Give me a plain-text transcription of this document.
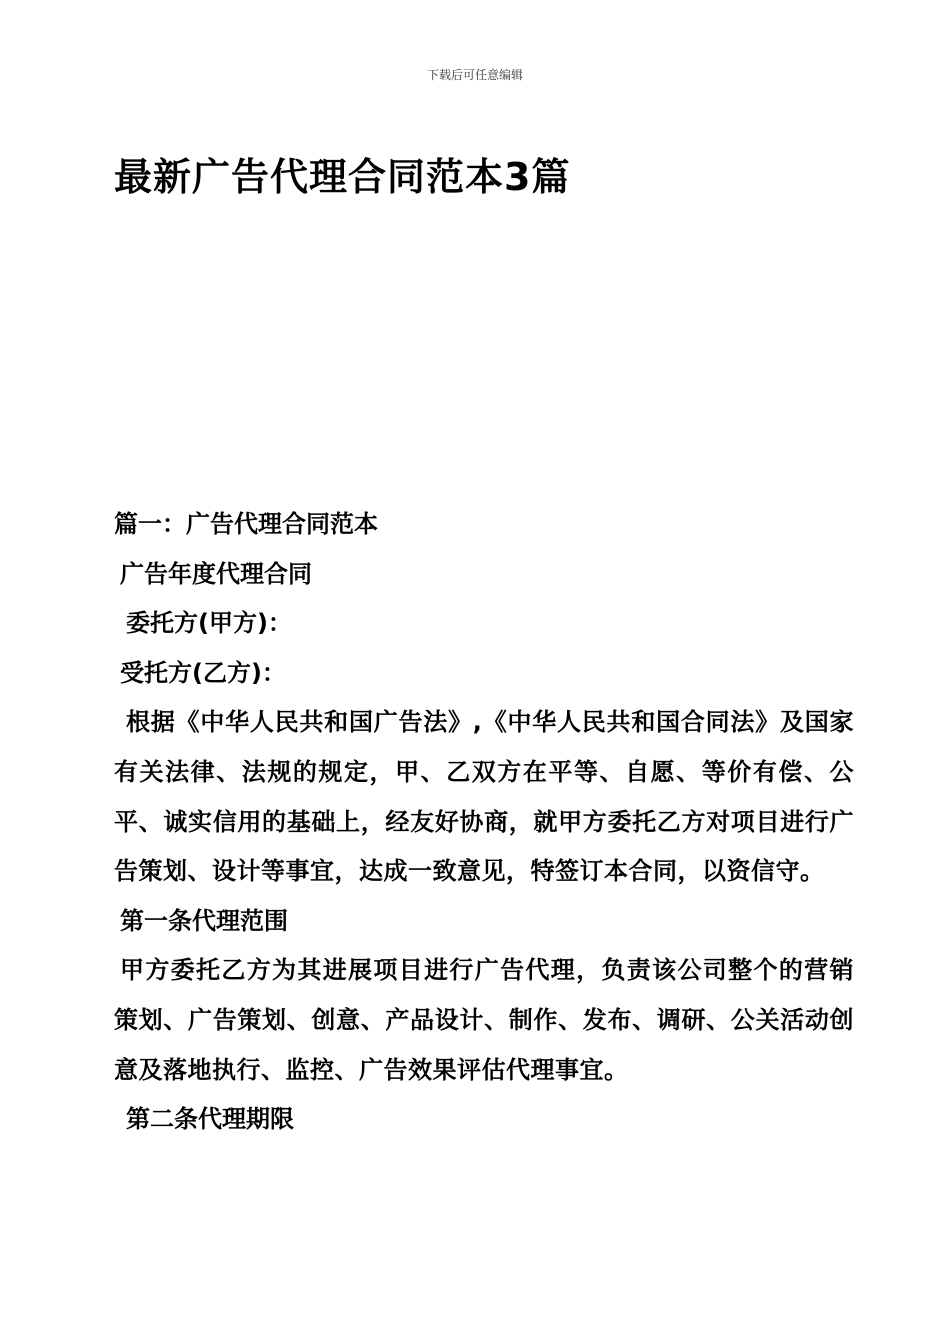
下载后可任意编辑
最新广告代理合同范本3篇
篇一：广告代理合同范本
广告年度代理合同
委托方(甲方)：
受托方(乙方)：
根据《中华人民共和国广告法》,《中华人民共和国合同法》及国家有关法律、法规的规定，甲、乙双方在平等、自愿、等价有偿、公平、诚实信用的基础上，经友好协商，就甲方委托乙方对项目进行广告策划、设计等事宜，达成一致意见，特签订本合同，以资信守。
第一条代理范围
甲方委托乙方为其进展项目进行广告代理，负责该公司整个的营销策划、广告策划、创意、产品设计、制作、发布、调研、公关活动创意及落地执行、监控、广告效果评估代理事宜。
第二条代理期限
